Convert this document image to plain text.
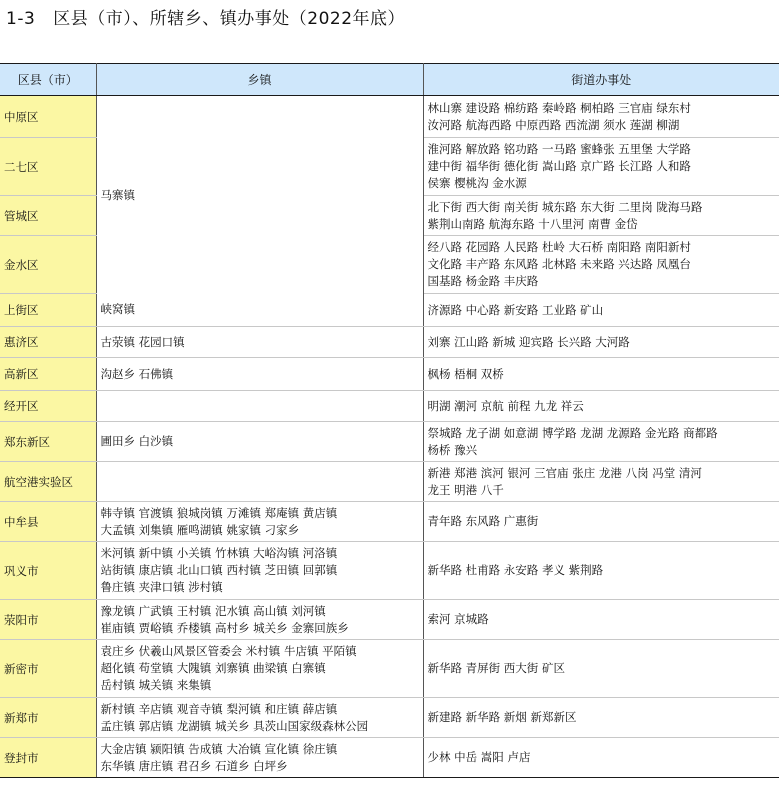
1-3 区县（市）、所辖乡、镇办事处（2022年底）
区县（市）	乡镇	街道办事处
中原区	马寨镇	林山寨 建设路 棉纺路 秦岭路 桐柏路 三官庙 绿东村
汝河路 航海西路 中原西路 西流湖 须水 莲湖 柳湖

二七区		淮河路 解放路 铭功路 一马路 蜜蜂张 五里堡 大学路
建中街 福华街 德化街 嵩山路 京广路 长江路 人和路
侯寨 樱桃沟 金水源

管城区		北下街 西大街 南关街 城东路 东大街 二里岗 陇海马路
紫荆山南路 航海东路 十八里河 南曹 金岱

金水区		经八路 花园路 人民路 杜岭 大石桥 南阳路 南阳新村
文化路 丰产路 东风路 北林路 未来路 兴达路 凤凰台
国基路 杨金路 丰庆路

上街区	峡窝镇	济源路 中心路 新安路 工业路 矿山

惠济区	古荥镇 花园口镇	刘寨 江山路 新城 迎宾路 长兴路 大河路

高新区	沟赵乡 石佛镇	枫杨 梧桐 双桥

经开区		明湖 潮河 京航 前程 九龙 祥云

郑东新区	圃田乡 白沙镇	祭城路 龙子湖 如意湖 博学路 龙湖 龙源路 金光路 商都路
杨桥 豫兴

航空港实验区		新港 郑港 滨河 银河 三官庙 张庄 龙港 八岗 冯堂 清河
龙王 明港 八千

中牟县	韩寺镇 官渡镇 狼城岗镇 万滩镇 郑庵镇 黄店镇
大孟镇 刘集镇 雁鸣湖镇 姚家镇 刁家乡	青年路 东风路 广惠街

巩义市	米河镇 新中镇 小关镇 竹林镇 大峪沟镇 河洛镇
站街镇 康店镇 北山口镇 西村镇 芝田镇 回郭镇
鲁庄镇 夹津口镇 涉村镇	新华路 杜甫路 永安路 孝义 紫荆路

荥阳市	豫龙镇 广武镇 王村镇 汜水镇 高山镇 刘河镇
崔庙镇 贾峪镇 乔楼镇 高村乡 城关乡 金寨回族乡	索河 京城路

新密市	袁庄乡 伏羲山风景区管委会 米村镇 牛店镇 平陌镇
超化镇 苟堂镇 大隗镇 刘寨镇 曲梁镇 白寨镇
岳村镇 城关镇 来集镇	新华路 青屏街 西大街 矿区

新郑市	新村镇 辛店镇 观音寺镇 梨河镇 和庄镇 薛店镇
孟庄镇 郭店镇 龙湖镇 城关乡 具茨山国家级森林公园	新建路 新华路 新烟 新郑新区

登封市	大金店镇 颍阳镇 告成镇 大冶镇 宣化镇 徐庄镇
东华镇 唐庄镇 君召乡 石道乡 白坪乡	少林 中岳 嵩阳 卢店
